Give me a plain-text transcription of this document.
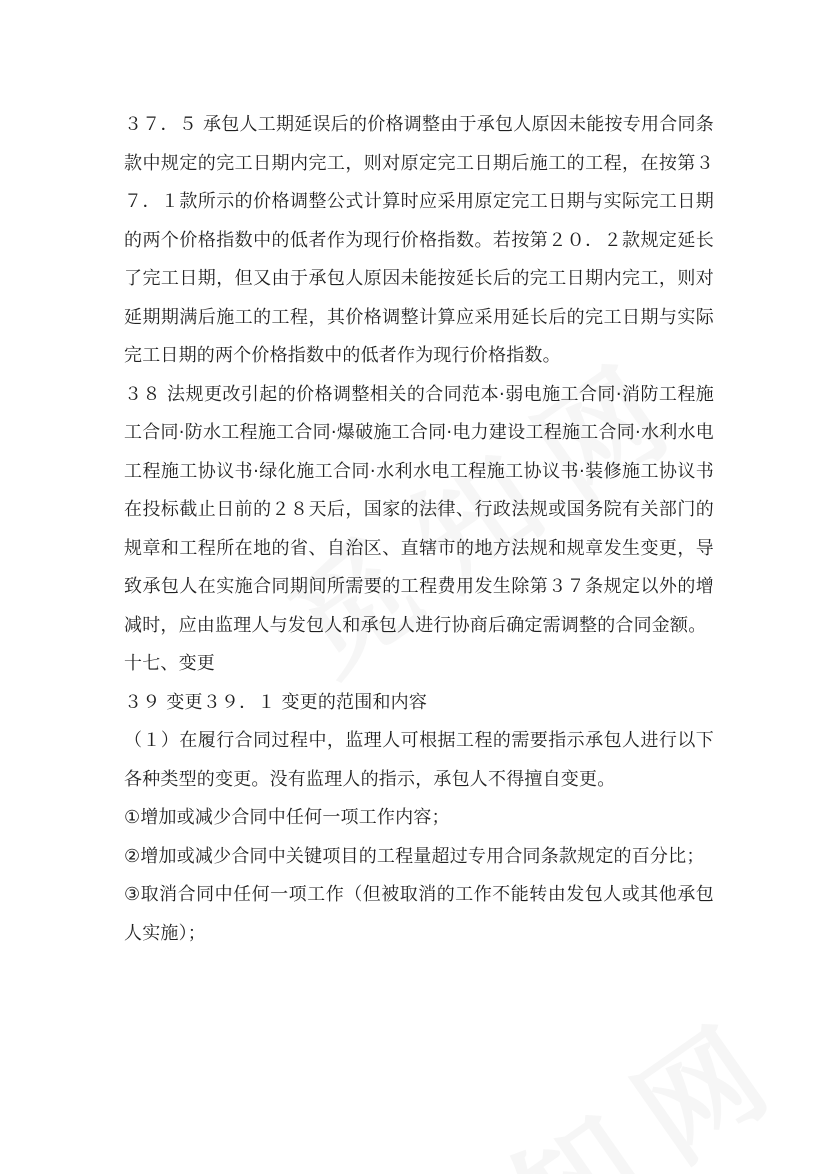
３７．５ 承包人工期延误后的价格调整由于承包人原因未能按专用合同条款中规定的完工日期内完工，则对原定完工日期后施工的工程，在按第３７．１款所示的价格调整公式计算时应采用原定完工日期与实际完工日期的两个价格指数中的低者作为现行价格指数。若按第２０．２款规定延长了完工日期，但又由于承包人原因未能按延长后的完工日期内完工，则对延期期满后施工的工程，其价格调整计算应采用延长后的完工日期与实际完工日期的两个价格指数中的低者作为现行价格指数。

３８ 法规更改引起的价格调整相关的合同范本·弱电施工合同·消防工程施工合同·防水工程施工合同·爆破施工合同·电力建设工程施工合同·水利水电工程施工协议书·绿化施工合同·水利水电工程施工协议书·装修施工协议书在投标截止日前的２８天后，国家的法律、行政法规或国务院有关部门的规章和工程所在地的省、自治区、直辖市的地方法规和规章发生变更，导致承包人在实施合同期间所需要的工程费用发生除第３７条规定以外的增减时，应由监理人与发包人和承包人进行协商后确定需调整的合同金额。

十七、变更

３９ 变更３９．１ 变更的范围和内容

（１）在履行合同过程中，监理人可根据工程的需要指示承包人进行以下各种类型的变更。没有监理人的指示，承包人不得擅自变更。

①增加或减少合同中任何一项工作内容；

②增加或减少合同中关键项目的工程量超过专用合同条款规定的百分比；

③取消合同中任何一项工作（但被取消的工作不能转由发包人或其他承包人实施）；
